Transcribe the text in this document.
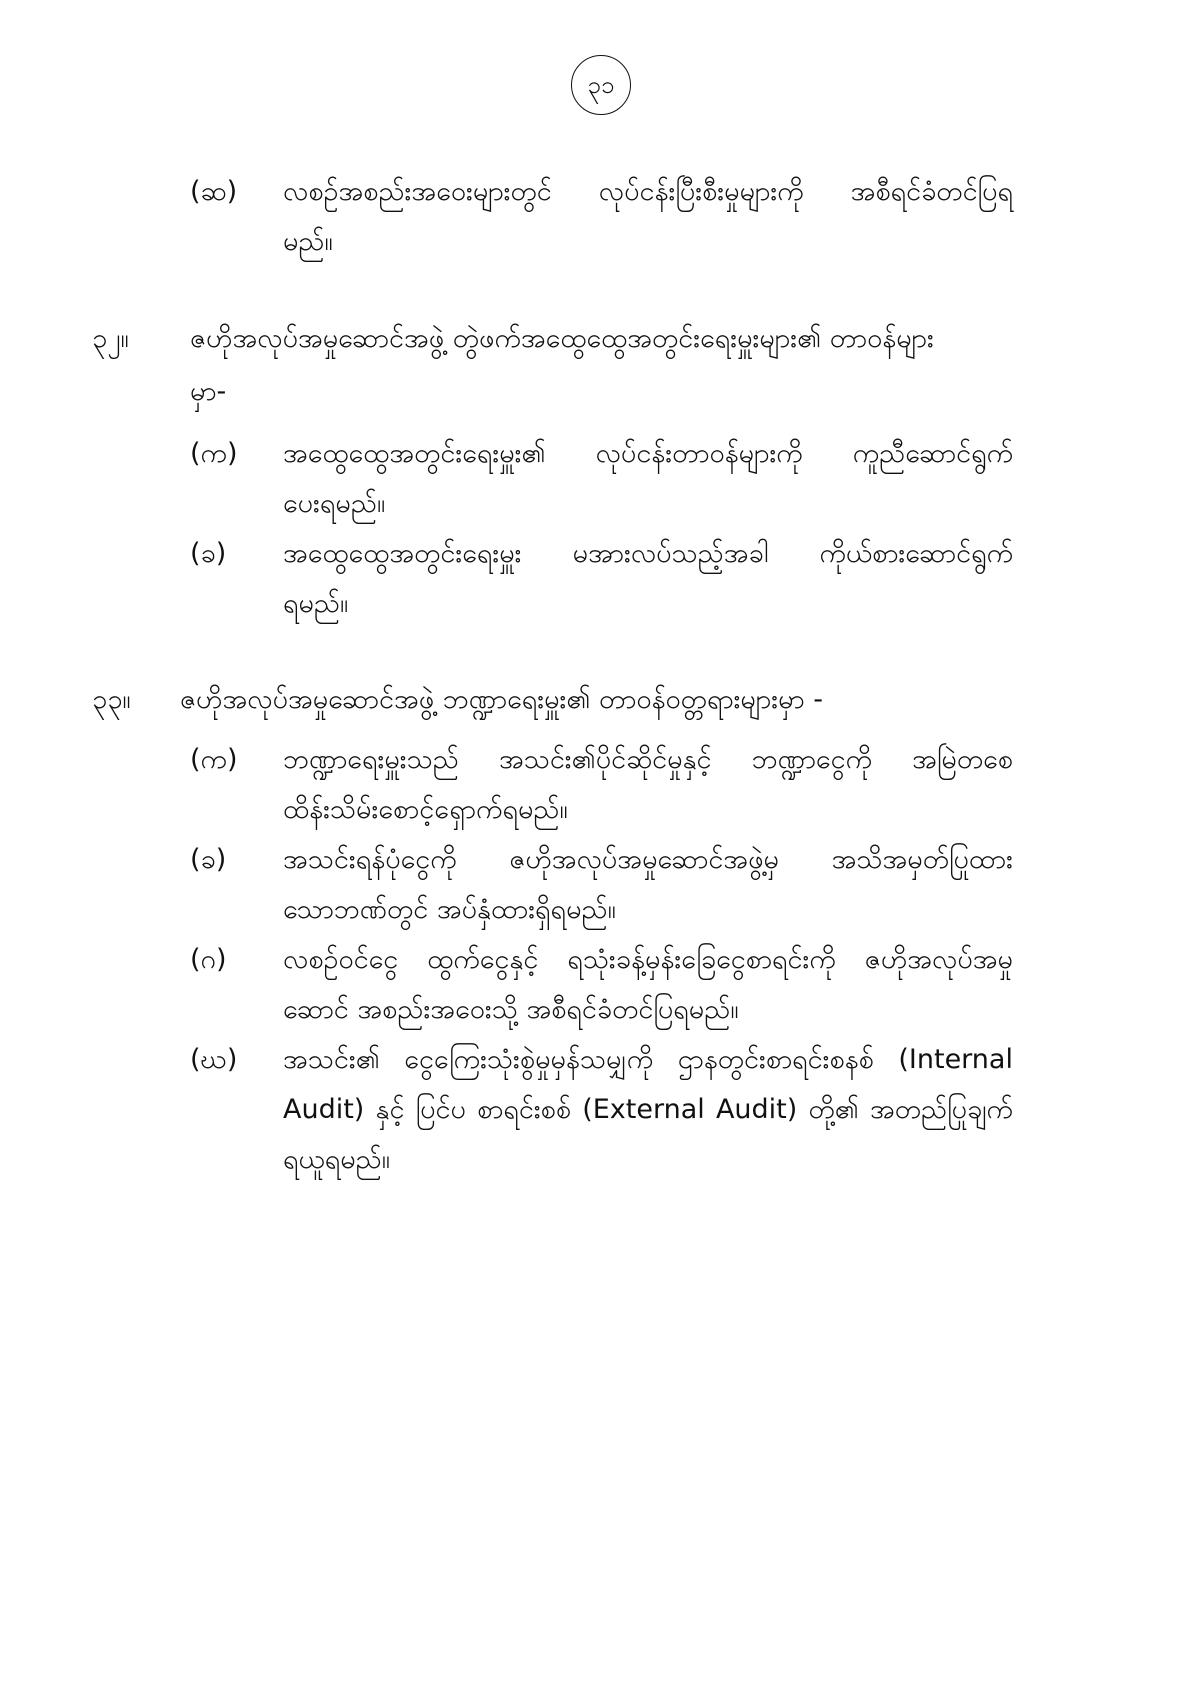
၃၁
(ဆ) လစဉ်အစည်းအဝေးများတွင် လုပ်ငန်းပြီးစီးမှုများကို အစီရင်ခံတင်ပြရ
မည်။
၃၂။ ဇဟိုအလုပ်အမှုဆောင်အဖွဲ့ တွဲဖက်အထွေထွေအတွင်းရေးမှူးများ၏ တာဝန်များ
မှာ-
(က) အထွေထွေအတွင်းရေးမှူး၏ လုပ်ငန်းတာဝန်များကို ကူညီဆောင်ရွက်
ပေးရမည်။
(ခ) အထွေထွေအတွင်းရေးမှူး မအားလပ်သည့်အခါ ကိုယ်စားဆောင်ရွက်
ရမည်။
၃၃။ ဇဟိုအလုပ်အမှုဆောင်အဖွဲ့ ဘဏ္ဍာရေးမှူး၏ တာဝန်ဝတ္တရားများမှာ -
(က) ဘဏ္ဍာရေးမှူးသည် အသင်း၏ပိုင်ဆိုင်မှုနှင့် ဘဏ္ဍာငွေကို အမြဲတစေ
ထိန်းသိမ်းစောင့်ရှောက်ရမည်။
(ခ) အသင်းရန်ပုံငွေကို ဇဟိုအလုပ်အမှုဆောင်အဖွဲ့မှ အသိအမှတ်ပြုထား
သောဘဏ်တွင် အပ်နှံထားရှိရမည်။
(ဂ) လစဉ်ဝင်ငွေ ထွက်ငွေနှင့် ရသုံးခန့်မှန်းခြေငွေစာရင်းကို ဇဟိုအလုပ်အမှု
ဆောင် အစည်းအဝေးသို့ အစီရင်ခံတင်ပြရမည်။
(ဃ) အသင်း၏ ငွေကြေးသုံးစွဲမှုမှန်သမျှကို ဌာနတွင်းစာရင်းစနစ် (Internal
Audit) နှင့် ပြင်ပ စာရင်းစစ် (External Audit) တို့၏ အတည်ပြုချက်
ရယူရမည်။
